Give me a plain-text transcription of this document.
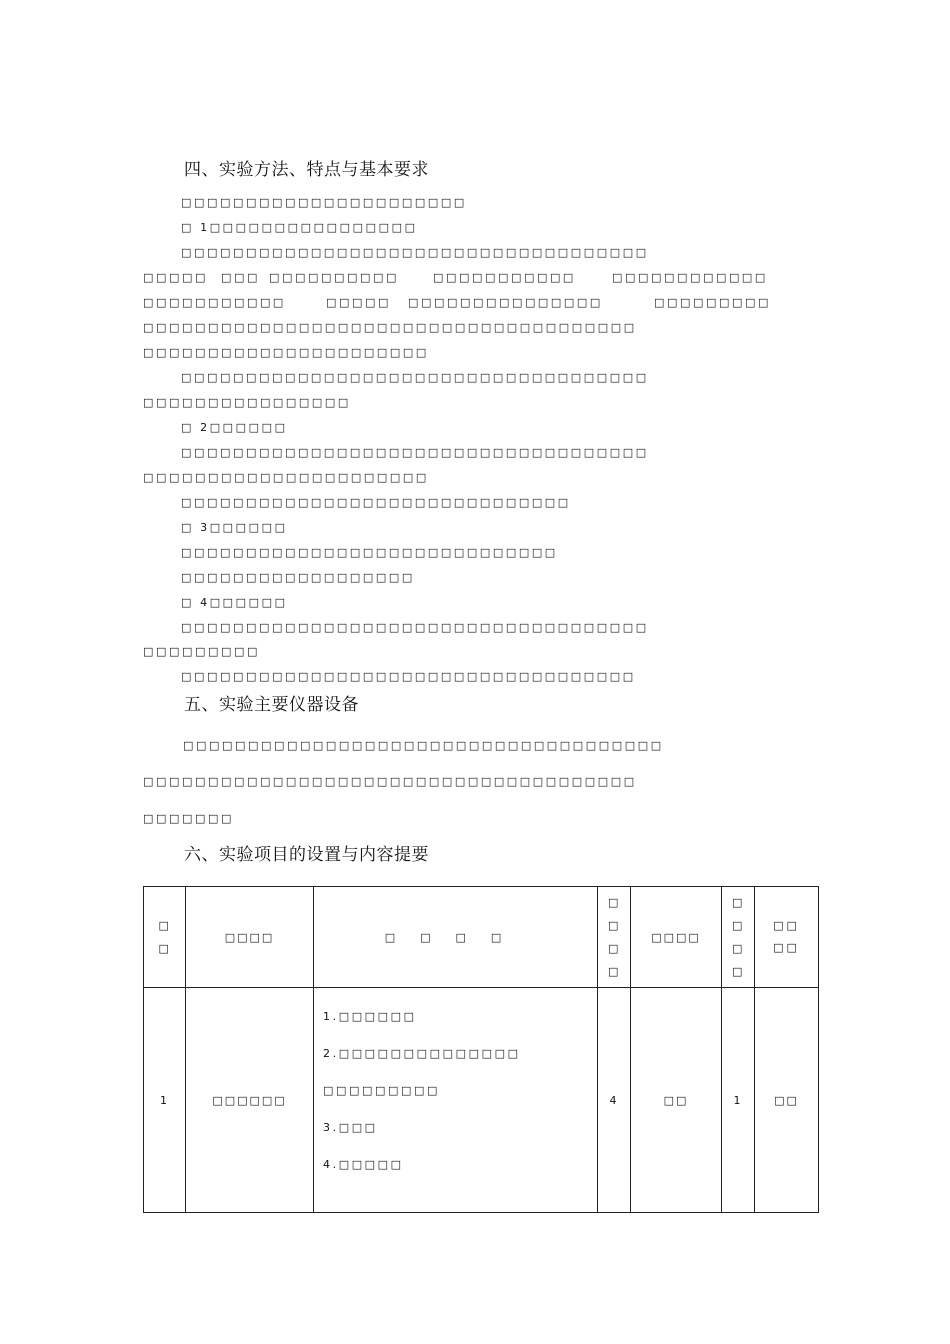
四、实验方法、特点与基本要求
□□□□□□□□□□□□□□□□□□□□□□
□ 1□□□□□□□□□□□□□□□□
□□□□□□□□□□□□□□□□□□□□□□□□□□□□□□□□□□□□
□□□□□ □□□ □□□□□□□□□□	□□□□□□□□□□□	□□□□□□□□□□□□
□□□□□□□□□□□	□□□□□ □□□□□□□□□□□□□□□	□□□□□□□□□
□□□□□□□□□□□□□□□□□□□□□□□□□□□□□□□□□□□□□□
□□□□□□□□□□□□□□□□□□□□□□
□□□□□□□□□□□□□□□□□□□□□□□□□□□□□□□□□□□□
□□□□□□□□□□□□□□□□
□ 2□□□□□□
□□□□□□□□□□□□□□□□□□□□□□□□□□□□□□□□□□□□
□□□□□□□□□□□□□□□□□□□□□□
□□□□□□□□□□□□□□□□□□□□□□□□□□□□□□
□ 3□□□□□□
□□□□□□□□□□□□□□□□□□□□□□□□□□□□□
□□□□□□□□□□□□□□□□□□
□ 4□□□□□□
□□□□□□□□□□□□□□□□□□□□□□□□□□□□□□□□□□□□
□□□□□□□□□
□□□□□□□□□□□□□□□□□□□□□□□□□□□□□□□□□□□
五、实验主要仪器设备
□□□□□□□□□□□□□□□□□□□□□□□□□□□□□□□□□□□□□
□□□□□□□□□□□□□□□□□□□□□□□□□□□□□□□□□□□□□□
□□□□□□□
六、实验项目的设置与内容提要
□□	□□□□	□□□□	□□□□	□□□□	□□□□	□□□□
1	□□□□□□	1.□□□□□□
2.□□□□□□□□□□□□□□
□□□□□□□□□
3.□□□
4.□□□□□	4	□□	1	□□
